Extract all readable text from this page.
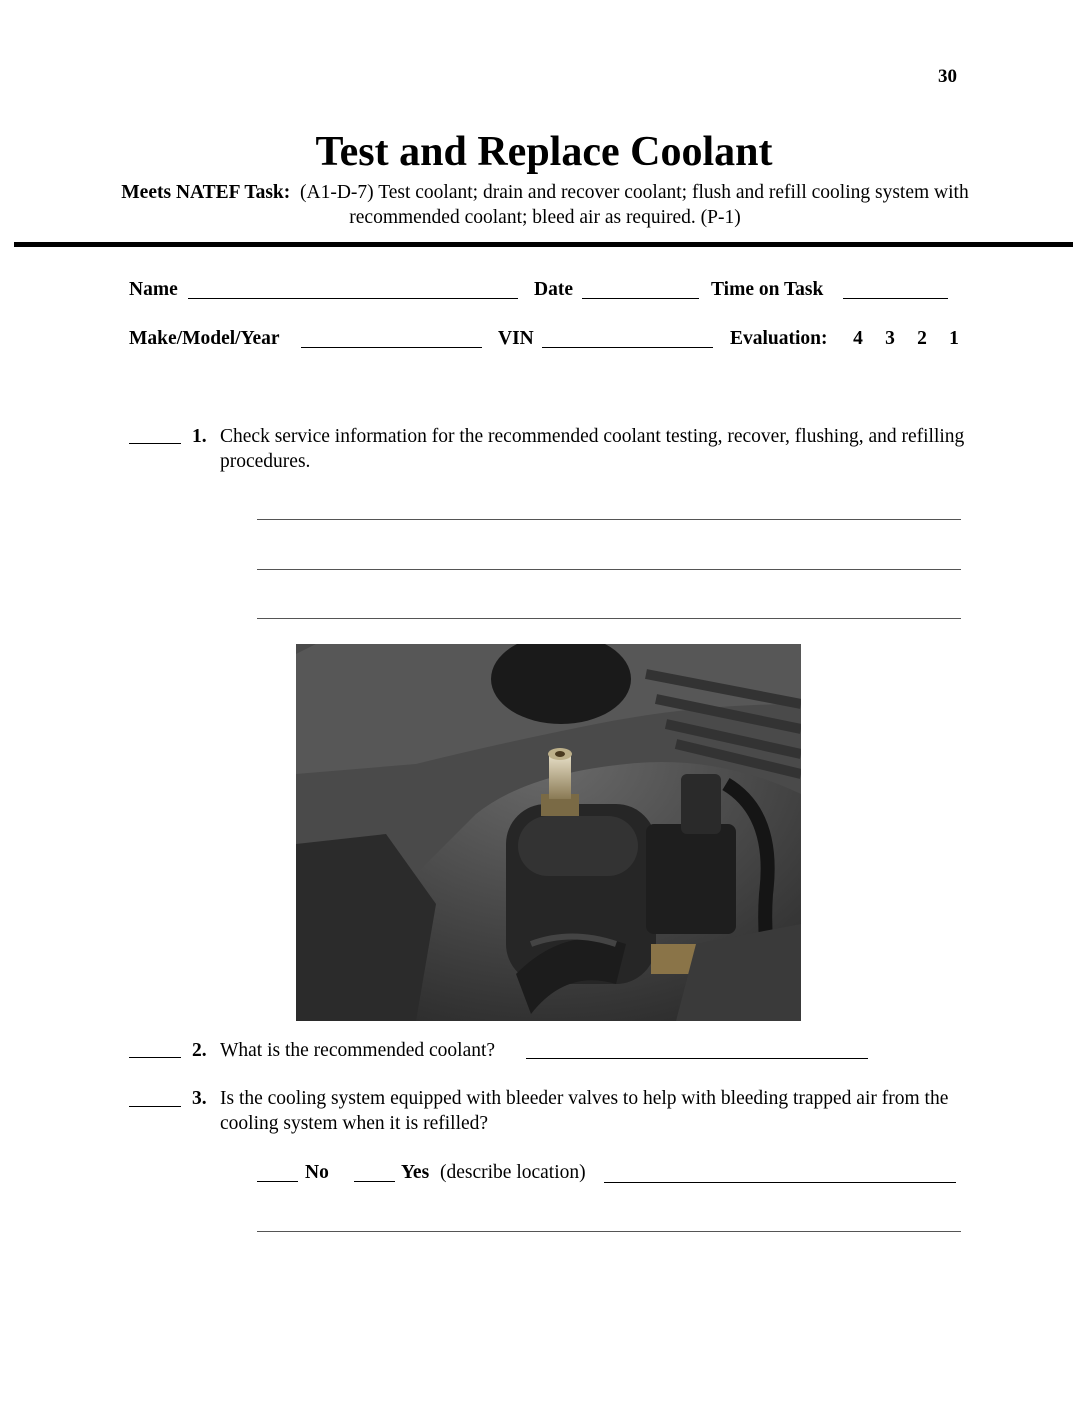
30
Test and Replace Coolant
Meets NATEF Task: (A1-D-7) Test coolant; drain and recover coolant; flush and refill cooling system with recommended coolant; bleed air as required. (P-1)
Name	Date	Time on Task
Make/Model/Year	VIN	Evaluation:	4 3 2 1
1. Check service information for the recommended coolant testing, recover, flushing, and refilling procedures.
2. What is the recommended coolant?
3. Is the cooling system equipped with bleeder valves to help with bleeding trapped air from the cooling system when it is refilled?
No	Yes (describe location)
